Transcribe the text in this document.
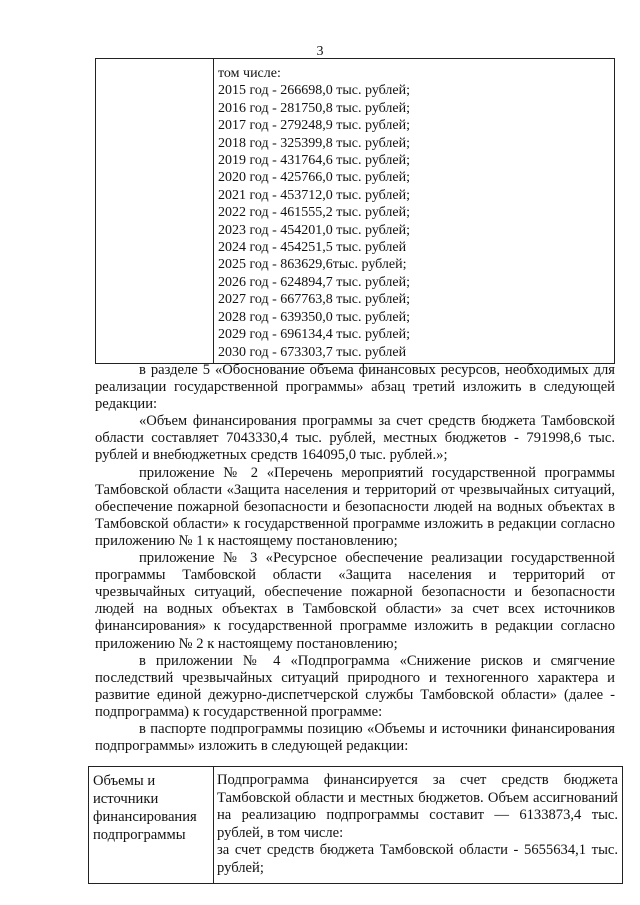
3
том числе:
2015 год - 266698,0 тыс. рублей;
2016 год - 281750,8 тыс. рублей;
2017 год - 279248,9 тыс. рублей;
2018 год - 325399,8 тыс. рублей;
2019 год - 431764,6 тыс. рублей;
2020 год - 425766,0 тыс. рублей;
2021 год - 453712,0 тыс. рублей;
2022 год - 461555,2 тыс. рублей;
2023 год - 454201,0 тыс. рублей;
2024 год - 454251,5 тыс. рублей
2025 год - 863629,6тыс. рублей;
2026 год - 624894,7 тыс. рублей;
2027 год - 667763,8 тыс. рублей;
2028 год - 639350,0 тыс. рублей;
2029 год - 696134,4 тыс. рублей;
2030 год - 673303,7 тыс. рублей
в разделе 5 «Обоснование объема финансовых ресурсов, необходимых для реализации государственной программы» абзац третий изложить в следующей редакции:
«Объем финансирования программы за счет средств бюджета Тамбовской области составляет 7043330,4 тыс. рублей, местных бюджетов - 791998,6 тыс. рублей и внебюджетных средств 164095,0 тыс. рублей.»;
приложение № 2 «Перечень мероприятий государственной программы Тамбовской области «Защита населения и территорий от чрезвычайных ситуаций, обеспечение пожарной безопасности и безопасности людей на водных объектах в Тамбовской области» к государственной программе изложить в редакции согласно приложению № 1 к настоящему постановлению;
приложение № 3 «Ресурсное обеспечение реализации государственной программы Тамбовской области «Защита населения и территорий от чрезвычайных ситуаций, обеспечение пожарной безопасности и безопасности людей на водных объектах в Тамбовской области» за счет всех источников финансирования» к государственной программе изложить в редакции согласно приложению № 2 к настоящему постановлению;
в приложении № 4 «Подпрограмма «Снижение рисков и смягчение последствий чрезвычайных ситуаций природного и техногенного характера и развитие единой дежурно-диспетчерской службы Тамбовской области» (далее - подпрограмма) к государственной программе:
в паспорте подпрограммы позицию «Объемы и источники финансирования подпрограммы» изложить в следующей редакции:
Объемы и источники финансирования подпрограммы
Подпрограмма финансируется за счет средств бюджета Тамбовской области и местных бюджетов. Объем ассигнований на реализацию подпрограммы составит — 6133873,4 тыс. рублей, в том числе:
за счет средств бюджета Тамбовской области - 5655634,1 тыс. рублей;
